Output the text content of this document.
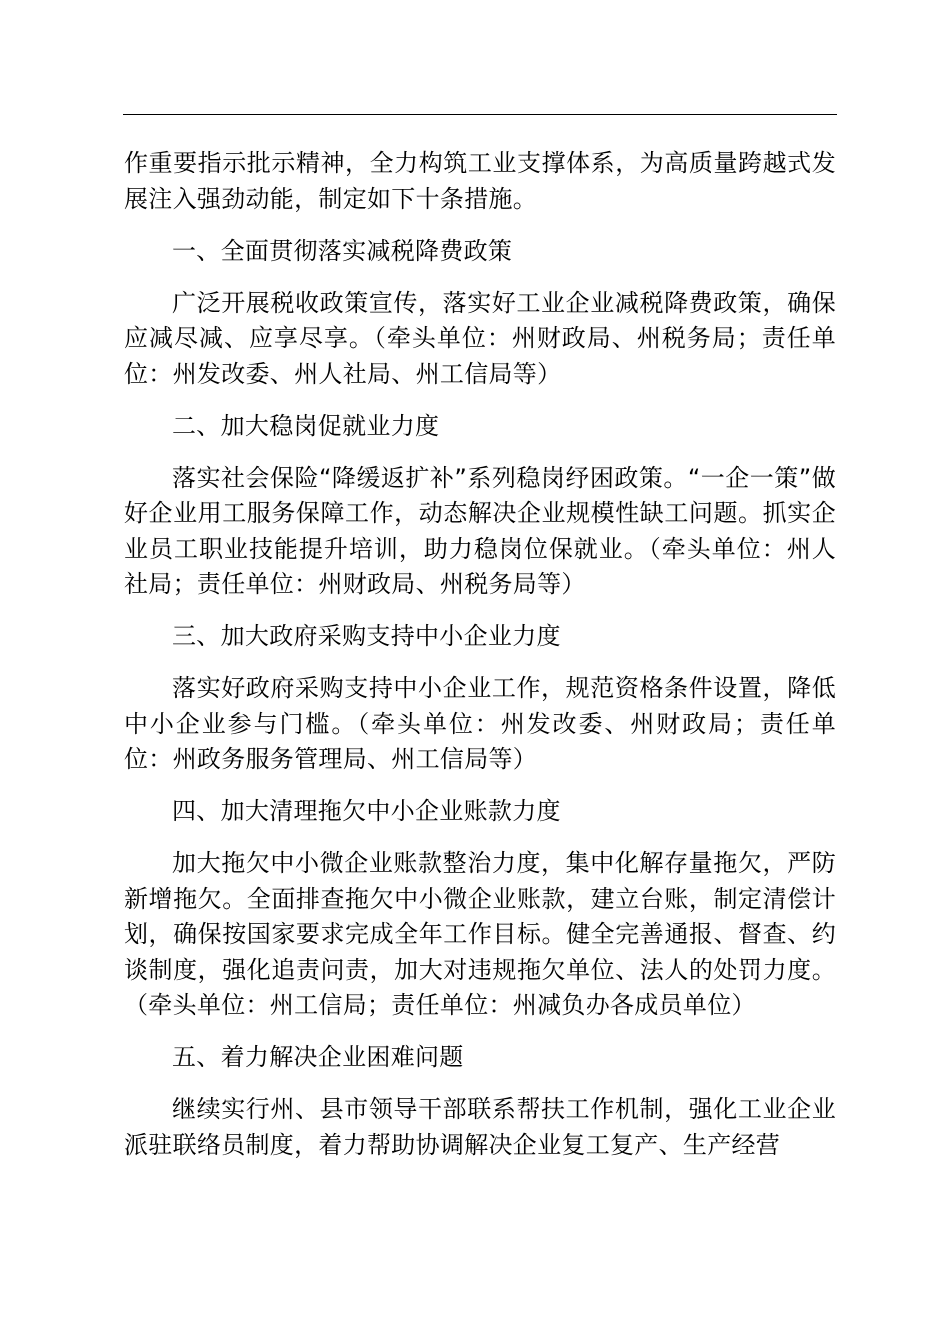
作重要指示批示精神，全力构筑工业支撑体系，为高质量跨越式发展注入强劲动能，制定如下十条措施。

一、全面贯彻落实减税降费政策

广泛开展税收政策宣传，落实好工业企业减税降费政策，确保应减尽减、应享尽享。（牵头单位：州财政局、州税务局；责任单位：州发改委、州人社局、州工信局等）

二、加大稳岗促就业力度

落实社会保险“降缓返扩补”系列稳岗纾困政策。“一企一策”做好企业用工服务保障工作，动态解决企业规模性缺工问题。抓实企业员工职业技能提升培训，助力稳岗位保就业。（牵头单位：州人社局；责任单位：州财政局、州税务局等）

三、加大政府采购支持中小企业力度

落实好政府采购支持中小企业工作，规范资格条件设置，降低中小企业参与门槛。（牵头单位：州发改委、州财政局；责任单位：州政务服务管理局、州工信局等）

四、加大清理拖欠中小企业账款力度

加大拖欠中小微企业账款整治力度，集中化解存量拖欠，严防新增拖欠。全面排查拖欠中小微企业账款，建立台账，制定清偿计划，确保按国家要求完成全年工作目标。健全完善通报、督查、约谈制度，强化追责问责，加大对违规拖欠单位、法人的处罚力度。（牵头单位：州工信局；责任单位：州减负办各成员单位）

五、着力解决企业困难问题

继续实行州、县市领导干部联系帮扶工作机制，强化工业企业派驻联络员制度，着力帮助协调解决企业复工复产、生产经营
